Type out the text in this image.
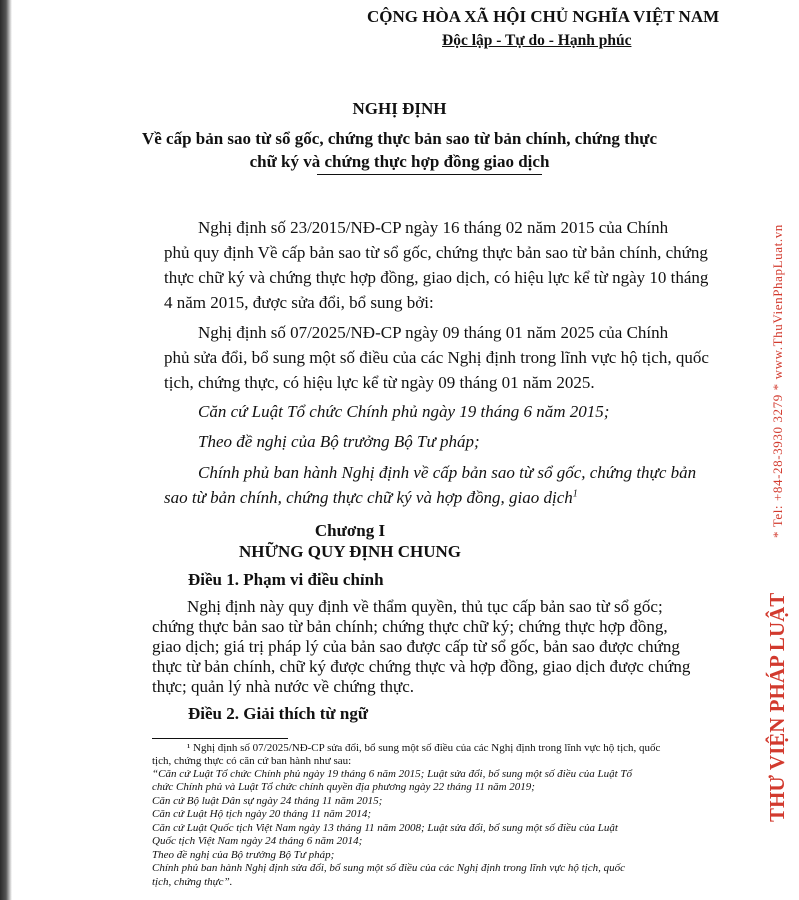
CỘNG HÒA XÃ HỘI CHỦ NGHĨA VIỆT NAM
Độc lập - Tự do - Hạnh phúc
NGHỊ ĐỊNH
Về cấp bản sao từ sổ gốc, chứng thực bản sao từ bản chính, chứng thực
chữ ký và chứng thực hợp đồng giao dịch
Nghị định số 23/2015/NĐ-CP ngày 16 tháng 02 năm 2015 của Chính
phủ quy định Về cấp bản sao từ sổ gốc, chứng thực bản sao từ bản chính, chứng
thực chữ ký và chứng thực hợp đồng, giao dịch, có hiệu lực kể từ ngày 10 tháng
4 năm 2015, được sửa đổi, bổ sung bởi:
Nghị định số 07/2025/NĐ-CP ngày 09 tháng 01 năm 2025 của Chính
phủ sửa đổi, bổ sung một số điều của các Nghị định trong lĩnh vực hộ tịch, quốc
tịch, chứng thực, có hiệu lực kể từ ngày 09 tháng 01 năm 2025.
Căn cứ Luật Tổ chức Chính phủ ngày 19 tháng 6 năm 2015;
Theo đề nghị của Bộ trưởng Bộ Tư pháp;
Chính phủ ban hành Nghị định về cấp bản sao từ sổ gốc, chứng thực bản
sao từ bản chính, chứng thực chữ ký và hợp đồng, giao dịch$^1$
Chương I
NHỮNG QUY ĐỊNH CHUNG
Điều 1. Phạm vi điều chỉnh
Nghị định này quy định về thẩm quyền, thủ tục cấp bản sao từ sổ gốc;
chứng thực bản sao từ bản chính; chứng thực chữ ký; chứng thực hợp đồng,
giao dịch; giá trị pháp lý của bản sao được cấp từ sổ gốc, bản sao được chứng
thực từ bản chính, chữ ký được chứng thực và hợp đồng, giao dịch được chứng
thực; quản lý nhà nước về chứng thực.
Điều 2. Giải thích từ ngữ
¹ Nghị định số 07/2025/NĐ-CP sửa đổi, bổ sung một số điều của các Nghị định trong lĩnh vực hộ tịch, quốc
tịch, chứng thực có căn cứ ban hành như sau:
“Căn cứ Luật Tổ chức Chính phủ ngày 19 tháng 6 năm 2015; Luật sửa đổi, bổ sung một số điều của Luật Tổ
chức Chính phủ và Luật Tổ chức chính quyền địa phương ngày 22 tháng 11 năm 2019;
Căn cứ Bộ luật Dân sự ngày 24 tháng 11 năm 2015;
Căn cứ Luật Hộ tịch ngày 20 tháng 11 năm 2014;
Căn cứ Luật Quốc tịch Việt Nam ngày 13 tháng 11 năm 2008; Luật sửa đổi, bổ sung một số điều của Luật
Quốc tịch Việt Nam ngày 24 tháng 6 năm 2014;
Theo đề nghị của Bộ trưởng Bộ Tư pháp;
Chính phủ ban hành Nghị định sửa đổi, bổ sung một số điều của các Nghị định trong lĩnh vực hộ tịch, quốc
tịch, chứng thực”.
THƯ VIỆN PHÁP LUẬT
* Tel: +84-28-3930 3279 * www.ThuVienPhapLuat.vn
